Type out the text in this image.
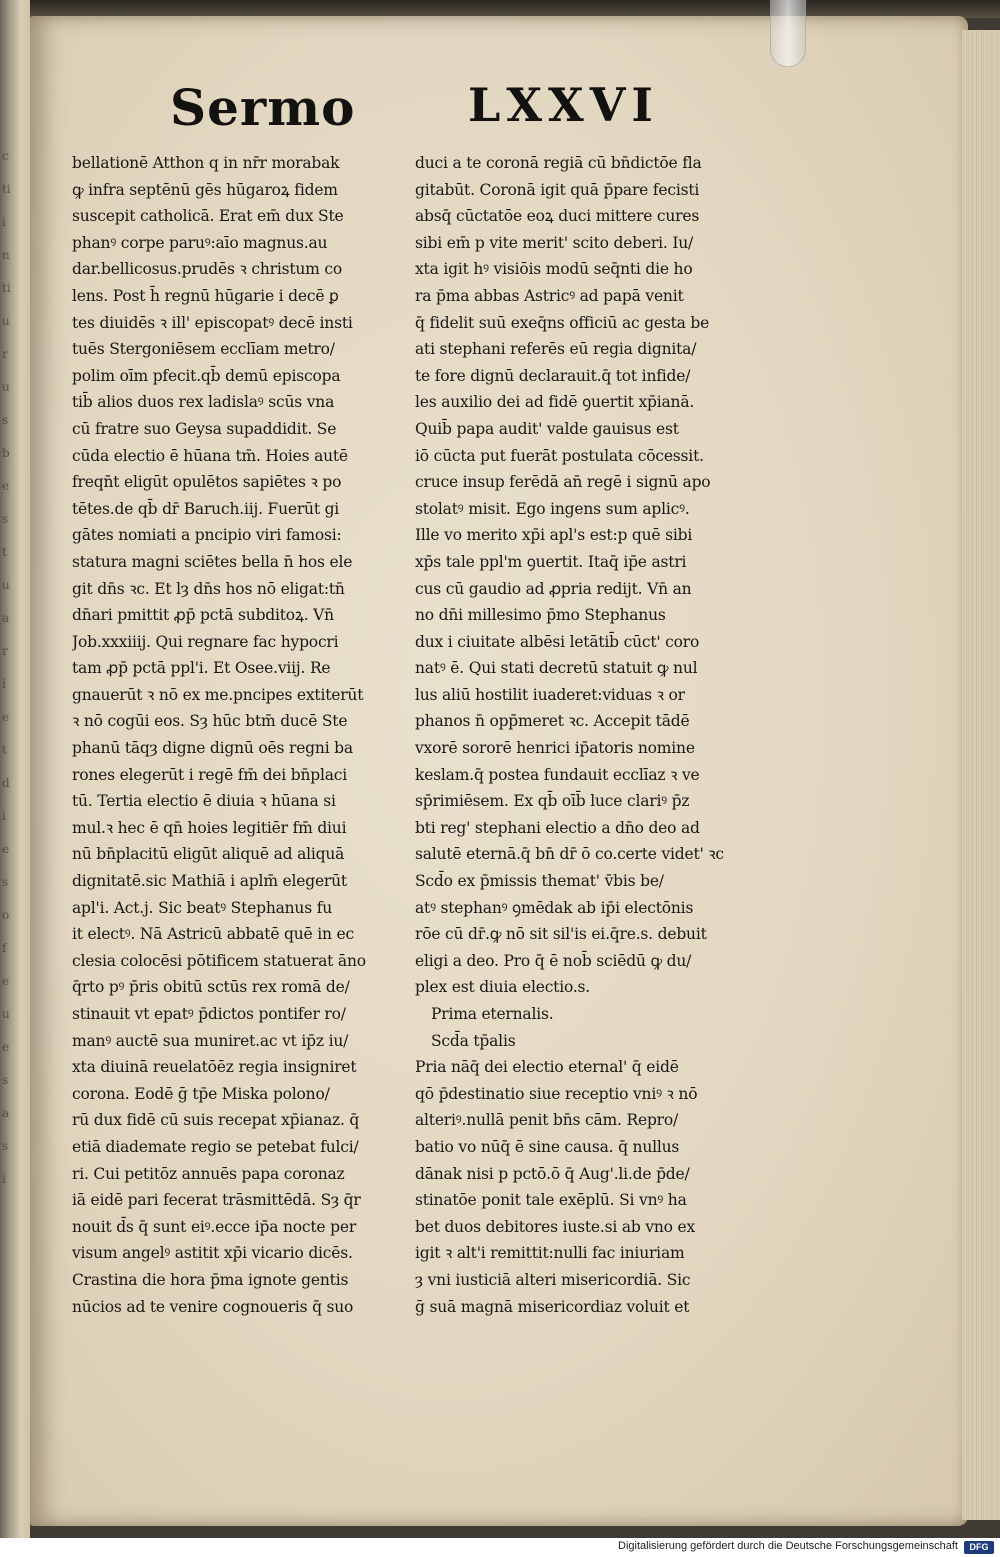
c
ti
i
n
ti
u
r
u
s
b
e
s
t
u
a
r
i
e
t
d
i
e
s
o
f
e
u
e
s
a
s
i
Sermo LXXVI
bellationē Atthon q in nr̄r morabak
ꝙ infra septēnū gēs hūgaroꝝ fidem
suscepit catholicā. Erat em̄ dux Ste
phanꝰ corpe paruꝰ:aīo magnus.au
dar.bellicosus.prudēs ꝛ christum co
lens. Post h̄ regnū hūgarie i decē ꝑ
tes diuidēs ꝛ ill' episcopatꝰ decē insti
tuēs Stergoniēsem ecclīam metro/
polim oīm pfecit.qb̄ demū episcopa
tib̄ alios duos rex ladislaꝰ scūs vna
cū fratre suo Geysa supaddidit. Se
cūda electio ē hūana tm̄. Hoies autē
freqn̄t eligūt opulētos sapiētes ꝛ po
tētes.de qb̄ dr̄ Baruch.iij. Fuerūt gi
gātes nomiati a pncipio viri famosi:
statura magni sciētes bella n̄ hos ele
git dn̄s ꝛc. Et lȝ dn̄s hos nō eligat:tn̄
dn̄ari pmittit ꝓp̄ pctā subditoꝝ. Vn̄
Job.xxxiiij. Qui regnare fac hypocri
tam ꝓp̄ pctā ppl'i. Et Osee.viij. Re
gnauerūt ꝛ nō ex me.pncipes extiterūt
ꝛ nō cogūi eos. Sȝ hūc btm̄ ducē Ste
phanū tāqȝ digne dignū oēs regni ba
rones elegerūt i regē fm̄ dei bn̄placi
tū. Tertia electio ē diuia ꝛ hūana si
mul.ꝛ hec ē qn̄ hoies legitiēr fm̄ diui
nū bn̄placitū eligūt aliquē ad aliquā
dignitatē.sic Mathiā i aplm̄ elegerūt
apl'i. Act.j. Sic beatꝰ Stephanus fu
it electꝰ. Nā Astricū abbatē quē in ec
clesia colocēsi pōtificem statuerat āno
q̄rto pꝰ p̄ris obitū sctūs rex romā de/
stinauit vt epatꝰ p̄dictos pontifer ro/
manꝰ auctē sua muniret.ac vt ip̄z iu/
xta diuinā reuelatōēz regia insigniret
corona. Eodē ḡ tp̄e Miska polono/
rū dux fidē cū suis recepat xp̄ianaz. q̄
etiā diademate regio se petebat fulci/
ri. Cui petitōz annuēs papa coronaz
iā eidē pari fecerat trāsmittēdā. Sȝ q̄r
nouit d̄s q̄ sunt eiꝰ.ecce ip̄a nocte per
visum angelꝰ astitit xp̄i vicario dicēs.
Crastina die hora p̄ma ignote gentis
nūcios ad te venire cognoueris q̄ suo
duci a te coronā regiā cū bn̄dictōe fla
gitabūt. Coronā igit quā p̄pare fecisti
absq̄ cūctatōe eoꝝ duci mittere cures
sibi em̄ p vite merit' scito deberi. Iu/
xta igit hꝰ visiōis modū seq̄nti die ho
ra p̄ma abbas Astricꝰ ad papā venit
q̄ fidelit suū exeq̄ns officiū ac gesta be
ati stephani referēs eū regia dignita/
te fore dignū declarauit.q̄ tot infide/
les auxilio dei ad fidē ꝯuertit xp̄ianā.
Quib̄ papa audit' valde gauisus est
iō cūcta put fuerāt postulata cōcessit.
cruce insup ferēdā an̄ regē i signū apo
stolatꝰ misit. Ego ingens sum aplicꝰ.
Ille vo merito xp̄i apl's est:p quē sibi
xp̄s tale ppl'm ꝯuertit. Itaq̄ ip̄e astri
cus cū gaudio ad ꝓpria redijt. Vn̄ an
no dn̄i millesimo p̄mo Stephanus
dux i ciuitate albēsi letātib̄ cūct' coro
natꝰ ē. Qui stati decretū statuit ꝙ nul
lus aliū hostilit iuaderet:viduas ꝛ or
phanos n̄ opp̄meret ꝛc. Accepit tādē
vxorē sororē henrici ip̄atoris nomine
keslam.q̄ postea fundauit ecclīaz ꝛ ve
sp̄rimiēsem. Ex qb̄ oīb̄ luce clariꝰ p̄z
bti reg' stephani electio a dn̄o deo ad
salutē eternā.q̄ bn̄ dr̄ ō co.certe videt' ꝛc
Scd̄o ex p̄missis themat' v̄bis be/
atꝰ stephanꝰ ꝯmēdak ab ip̄i electōnis
rōe cū dr̄.ꝙ nō sit sil'is ei.q̄re.s. debuit
eligi a deo. Pro q̄ ē nob̄ sciēdū ꝙ du/
plex est diuia electio.s.
Prima eternalis.
Scd̄a tp̄alis
Pria nāq̄ dei electio eternal' q̄ eidē
qō p̄destinatio siue receptio vniꝰ ꝛ nō
alteriꝰ.nullā penit bn̄s cām. Repro/
batio vo nūq̄ ē sine causa. q̄ nullus
dānak nisi p pctō.ō q̄ Aug'.li.de p̄de/
stinatōe ponit tale exēplū. Si vnꝰ ha
bet duos debitores iuste.si ab vno ex
igit ꝛ alt'i remittit:nulli fac iniuriam
ȝ vni iusticiā alteri misericordiā. Sic
ḡ suā magnā misericordiaz voluit et
Digitalisierung gefördert durch die Deutsche Forschungsgemeinschaft	DFG
